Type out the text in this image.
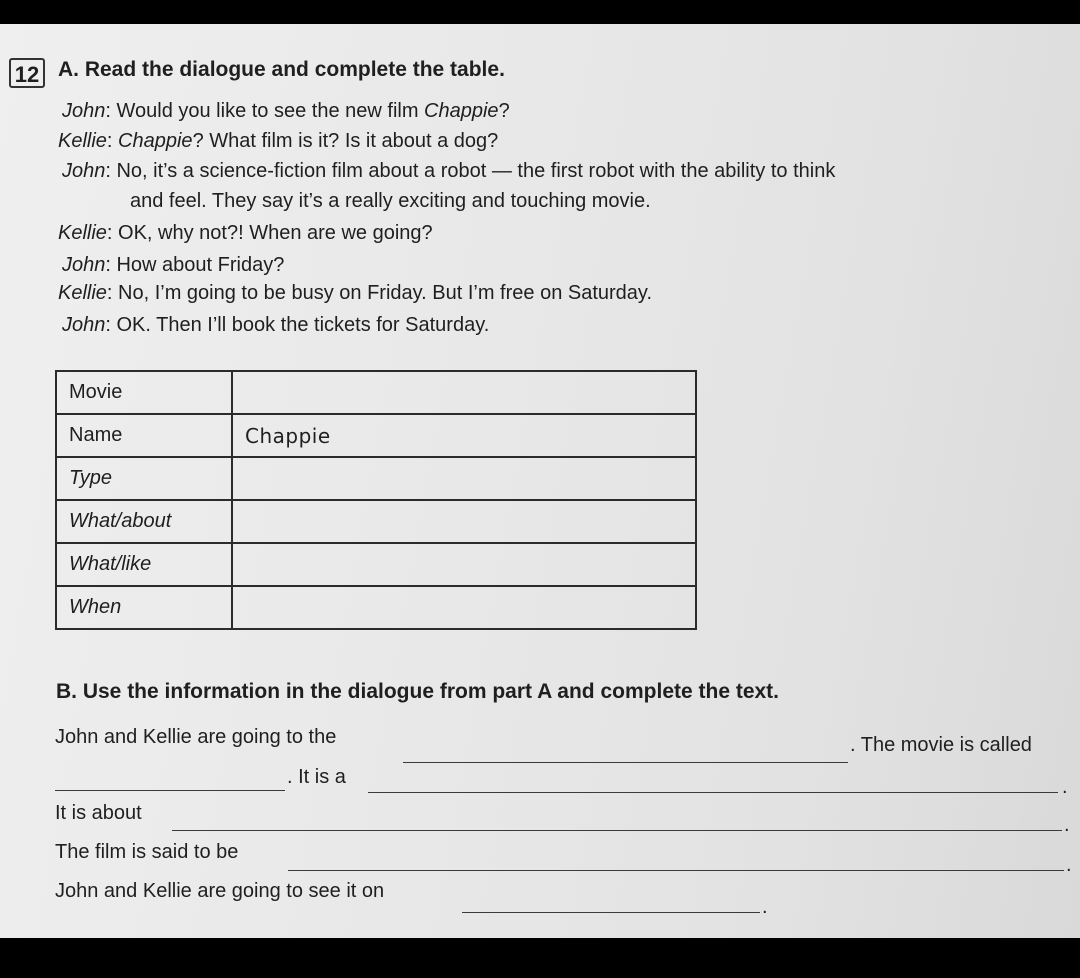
12 A. Read the dialogue and complete the table.
John: Would you like to see the new film Chappie?
Kellie: Chappie? What film is it? Is it about a dog?
John: No, it’s a science-fiction film about a robot — the first robot with the ability to think
and feel. They say it’s a really exciting and touching movie.
Kellie: OK, why not?! When are we going?
John: How about Friday?
Kellie: No, I’m going to be busy on Friday. But I’m free on Saturday.
John: OK. Then I’ll book the tickets for Saturday.
Movie	
Name	Chappie
Type	
What/about	
What/like	
When	
B. Use the information in the dialogue from part A and complete the text.
John and Kellie are going to the	. The movie is called
. It is a	.
It is about
.
The film is said to be
.
John and Kellie are going to see it on
.
